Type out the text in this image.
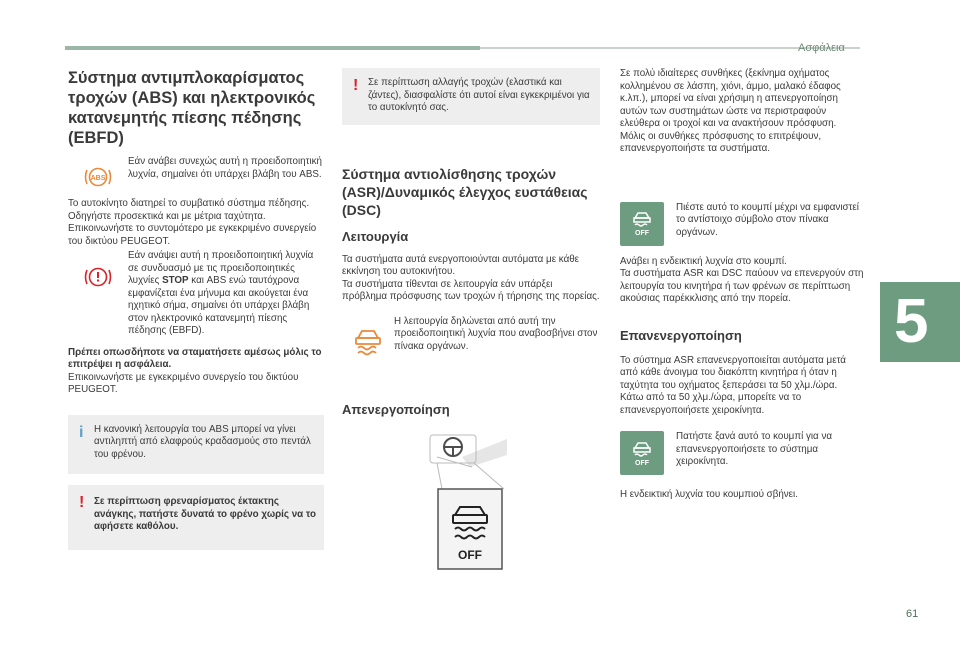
Ασφάλεια
5
61
Σύστημα αντιμπλοκαρίσματος τροχών (ABS) και ηλεκτρονικός κατανεμητής πίεσης πέδησης (EBFD)
ABS
Εάν ανάβει συνεχώς αυτή η προειδοποιητική λυχνία, σημαίνει ότι υπάρχει βλάβη του ABS.

Το αυτοκίνητο διατηρεί το συμβατικό σύστημα πέδησης. Οδηγήστε προσεκτικά και με μέτρια ταχύτητα.

Επικοινωνήστε το συντομότερο με εγκεκριμένο συνεργείο του δικτύου PEUGEOT.

Εάν ανάψει αυτή η προειδοποιητική λυχνία σε συνδυασμό με τις προειδοποιητικές λυχνίες STOP και ABS ενώ ταυτόχρονα εμφανίζεται ένα μήνυμα και ακούγεται ένα ηχητικό σήμα, σημαίνει ότι υπάρχει βλάβη στον ηλεκτρονικό κατανεμητή πίεσης πέδησης (EBFD).

Πρέπει οπωσδήποτε να σταματήσετε αμέσως μόλις το επιτρέψει η ασφάλεια.

Επικοινωνήστε με εγκεκριμένο συνεργείο του δικτύου PEUGEOT.

i Η κανονική λειτουργία του ABS μπορεί να γίνει αντιληπτή από ελαφρούς κραδασμούς στο πεντάλ του φρένου.
! Σε περίπτωση φρεναρίσματος έκτακτης ανάγκης, πατήστε δυνατά το φρένο χωρίς να το αφήσετε καθόλου.
! Σε περίπτωση αλλαγής τροχών (ελαστικά και ζάντες), διασφαλίστε ότι αυτοί είναι εγκεκριμένοι για το αυτοκίνητό σας.
Σύστημα αντιολίσθησης τροχών (ASR)/Δυναμικός έλεγχος ευστάθειας (DSC)
Λειτουργία

Τα συστήματα αυτά ενεργοποιούνται αυτόματα με κάθε εκκίνηση του αυτοκινήτου.

Τα συστήματα τίθενται σε λειτουργία εάν υπάρξει πρόβλημα πρόσφυσης των τροχών ή τήρησης της πορείας.

Η λειτουργία δηλώνεται από αυτή την προειδοποιητική λυχνία που αναβοσβήνει στον πίνακα οργάνων.
Απενεργοποίηση
OFF

Σε πολύ ιδιαίτερες συνθήκες (ξεκίνημα οχήματος κολλημένου σε λάσπη, χιόνι, άμμο, μαλακό έδαφος κ.λπ.), μπορεί να είναι χρήσιμη η απενεργοποίηση αυτών των συστημάτων ώστε να περιστραφούν ελεύθερα οι τροχοί και να ανακτήσουν πρόσφυση.

Μόλις οι συνθήκες πρόσφυσης το επιτρέψουν, επανενεργοποιήστε τα συστήματα.

OFF
Πιέστε αυτό το κουμπί μέχρι να εμφανιστεί το αντίστοιχο σύμβολο στον πίνακα οργάνων.

Ανάβει η ενδεικτική λυχνία στο κουμπί.

Τα συστήματα ASR και DSC παύουν να επενεργούν στη λειτουργία του κινητήρα ή των φρένων σε περίπτωση ακούσιας παρέκκλισης από την πορεία.

Επανενεργοποίηση

Το σύστημα ASR επανενεργοποιείται αυτόματα μετά από κάθε άνοιγμα του διακόπτη κινητήρα ή όταν η ταχύτητα του οχήματος ξεπεράσει τα 50 χλμ./ώρα.

Κάτω από τα 50 χλμ./ώρα, μπορείτε να το επανενεργοποιήσετε χειροκίνητα.

OFF
Πατήστε ξανά αυτό το κουμπί για να επανενεργοποιήσετε το σύστημα χειροκίνητα.

Η ενδεικτική λυχνία του κουμπιού σβήνει.
